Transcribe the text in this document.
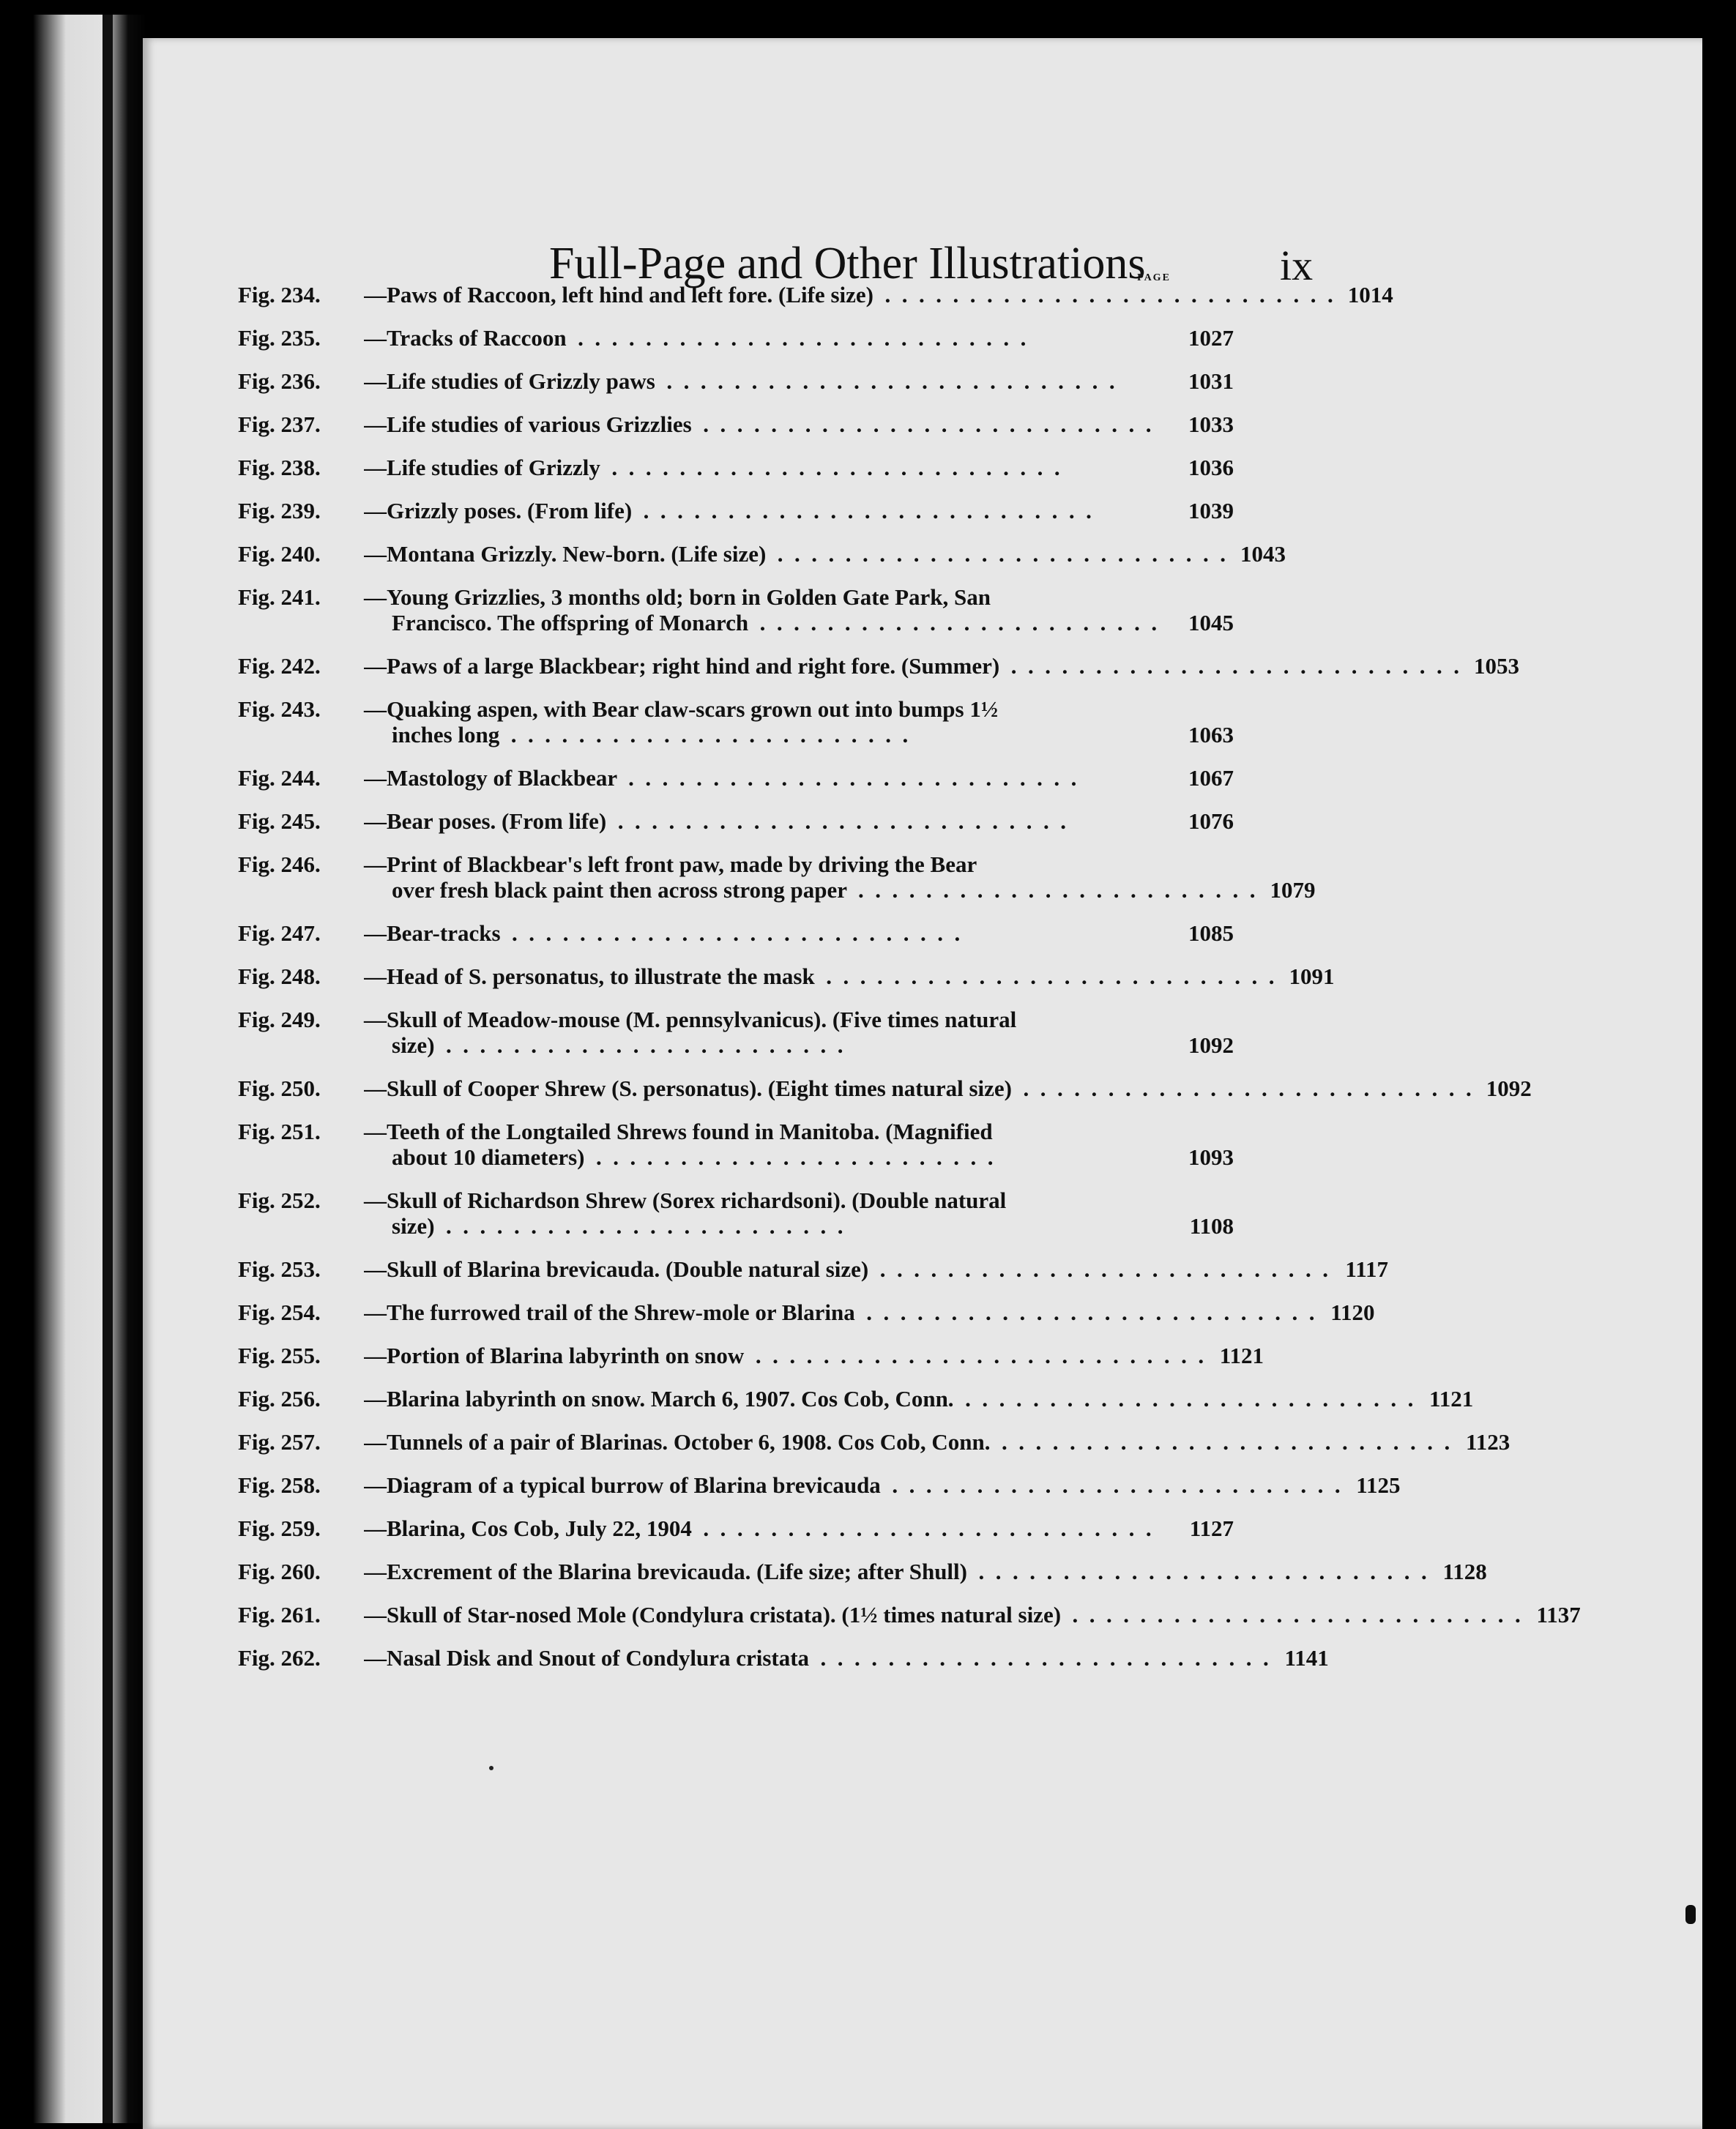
Full-Page and Other Illustrations	ix
PAGE
Fig. 234.	—Paws of Raccoon, left hind and left fore. (Life size) . .	1014
Fig. 235.	—Tracks of Raccoon . .	1027
Fig. 236.	—Life studies of Grizzly paws . .	1031
Fig. 237.	—Life studies of various Grizzlies . .	1033
Fig. 238.	—Life studies of Grizzly . .	1036
Fig. 239.	—Grizzly poses. (From life) . .	1039
Fig. 240.	—Montana Grizzly. New-born. (Life size) . .	1043
Fig. 241.	—Young Grizzlies, 3 months old; born in Golden Gate Park, San
Francisco. The offspring of Monarch . .	1045
Fig. 242.	—Paws of a large Blackbear; right hind and right fore. (Summer) . .	1053
Fig. 243.	—Quaking aspen, with Bear claw-scars grown out into bumps 1½
inches long . .	1063
Fig. 244.	—Mastology of Blackbear . .	1067
Fig. 245.	—Bear poses. (From life) . .	1076
Fig. 246.	—Print of Blackbear's left front paw, made by driving the Bear
over fresh black paint then across strong paper . .	1079
Fig. 247.	—Bear-tracks . .	1085
Fig. 248.	—Head of S. personatus, to illustrate the mask . .	1091
Fig. 249.	—Skull of Meadow-mouse (M. pennsylvanicus). (Five times natural
size) . .	1092
Fig. 250.	—Skull of Cooper Shrew (S. personatus). (Eight times natural size) . .	1092
Fig. 251.	—Teeth of the Longtailed Shrews found in Manitoba. (Magnified
about 10 diameters) . .	1093
Fig. 252.	—Skull of Richardson Shrew (Sorex richardsoni). (Double natural
size) . .	1108
Fig. 253.	—Skull of Blarina brevicauda. (Double natural size) . .	1117
Fig. 254.	—The furrowed trail of the Shrew-mole or Blarina . .	1120
Fig. 255.	—Portion of Blarina labyrinth on snow . .	1121
Fig. 256.	—Blarina labyrinth on snow. March 6, 1907. Cos Cob, Conn. . .	1121
Fig. 257.	—Tunnels of a pair of Blarinas. October 6, 1908. Cos Cob, Conn. . .	1123
Fig. 258.	—Diagram of a typical burrow of Blarina brevicauda . .	1125
Fig. 259.	—Blarina, Cos Cob, July 22, 1904 . .	1127
Fig. 260.	—Excrement of the Blarina brevicauda. (Life size; after Shull) . .	1128
Fig. 261.	—Skull of Star-nosed Mole (Condylura cristata). (1½ times natural size) . .	1137
Fig. 262.	—Nasal Disk and Snout of Condylura cristata . .	1141
